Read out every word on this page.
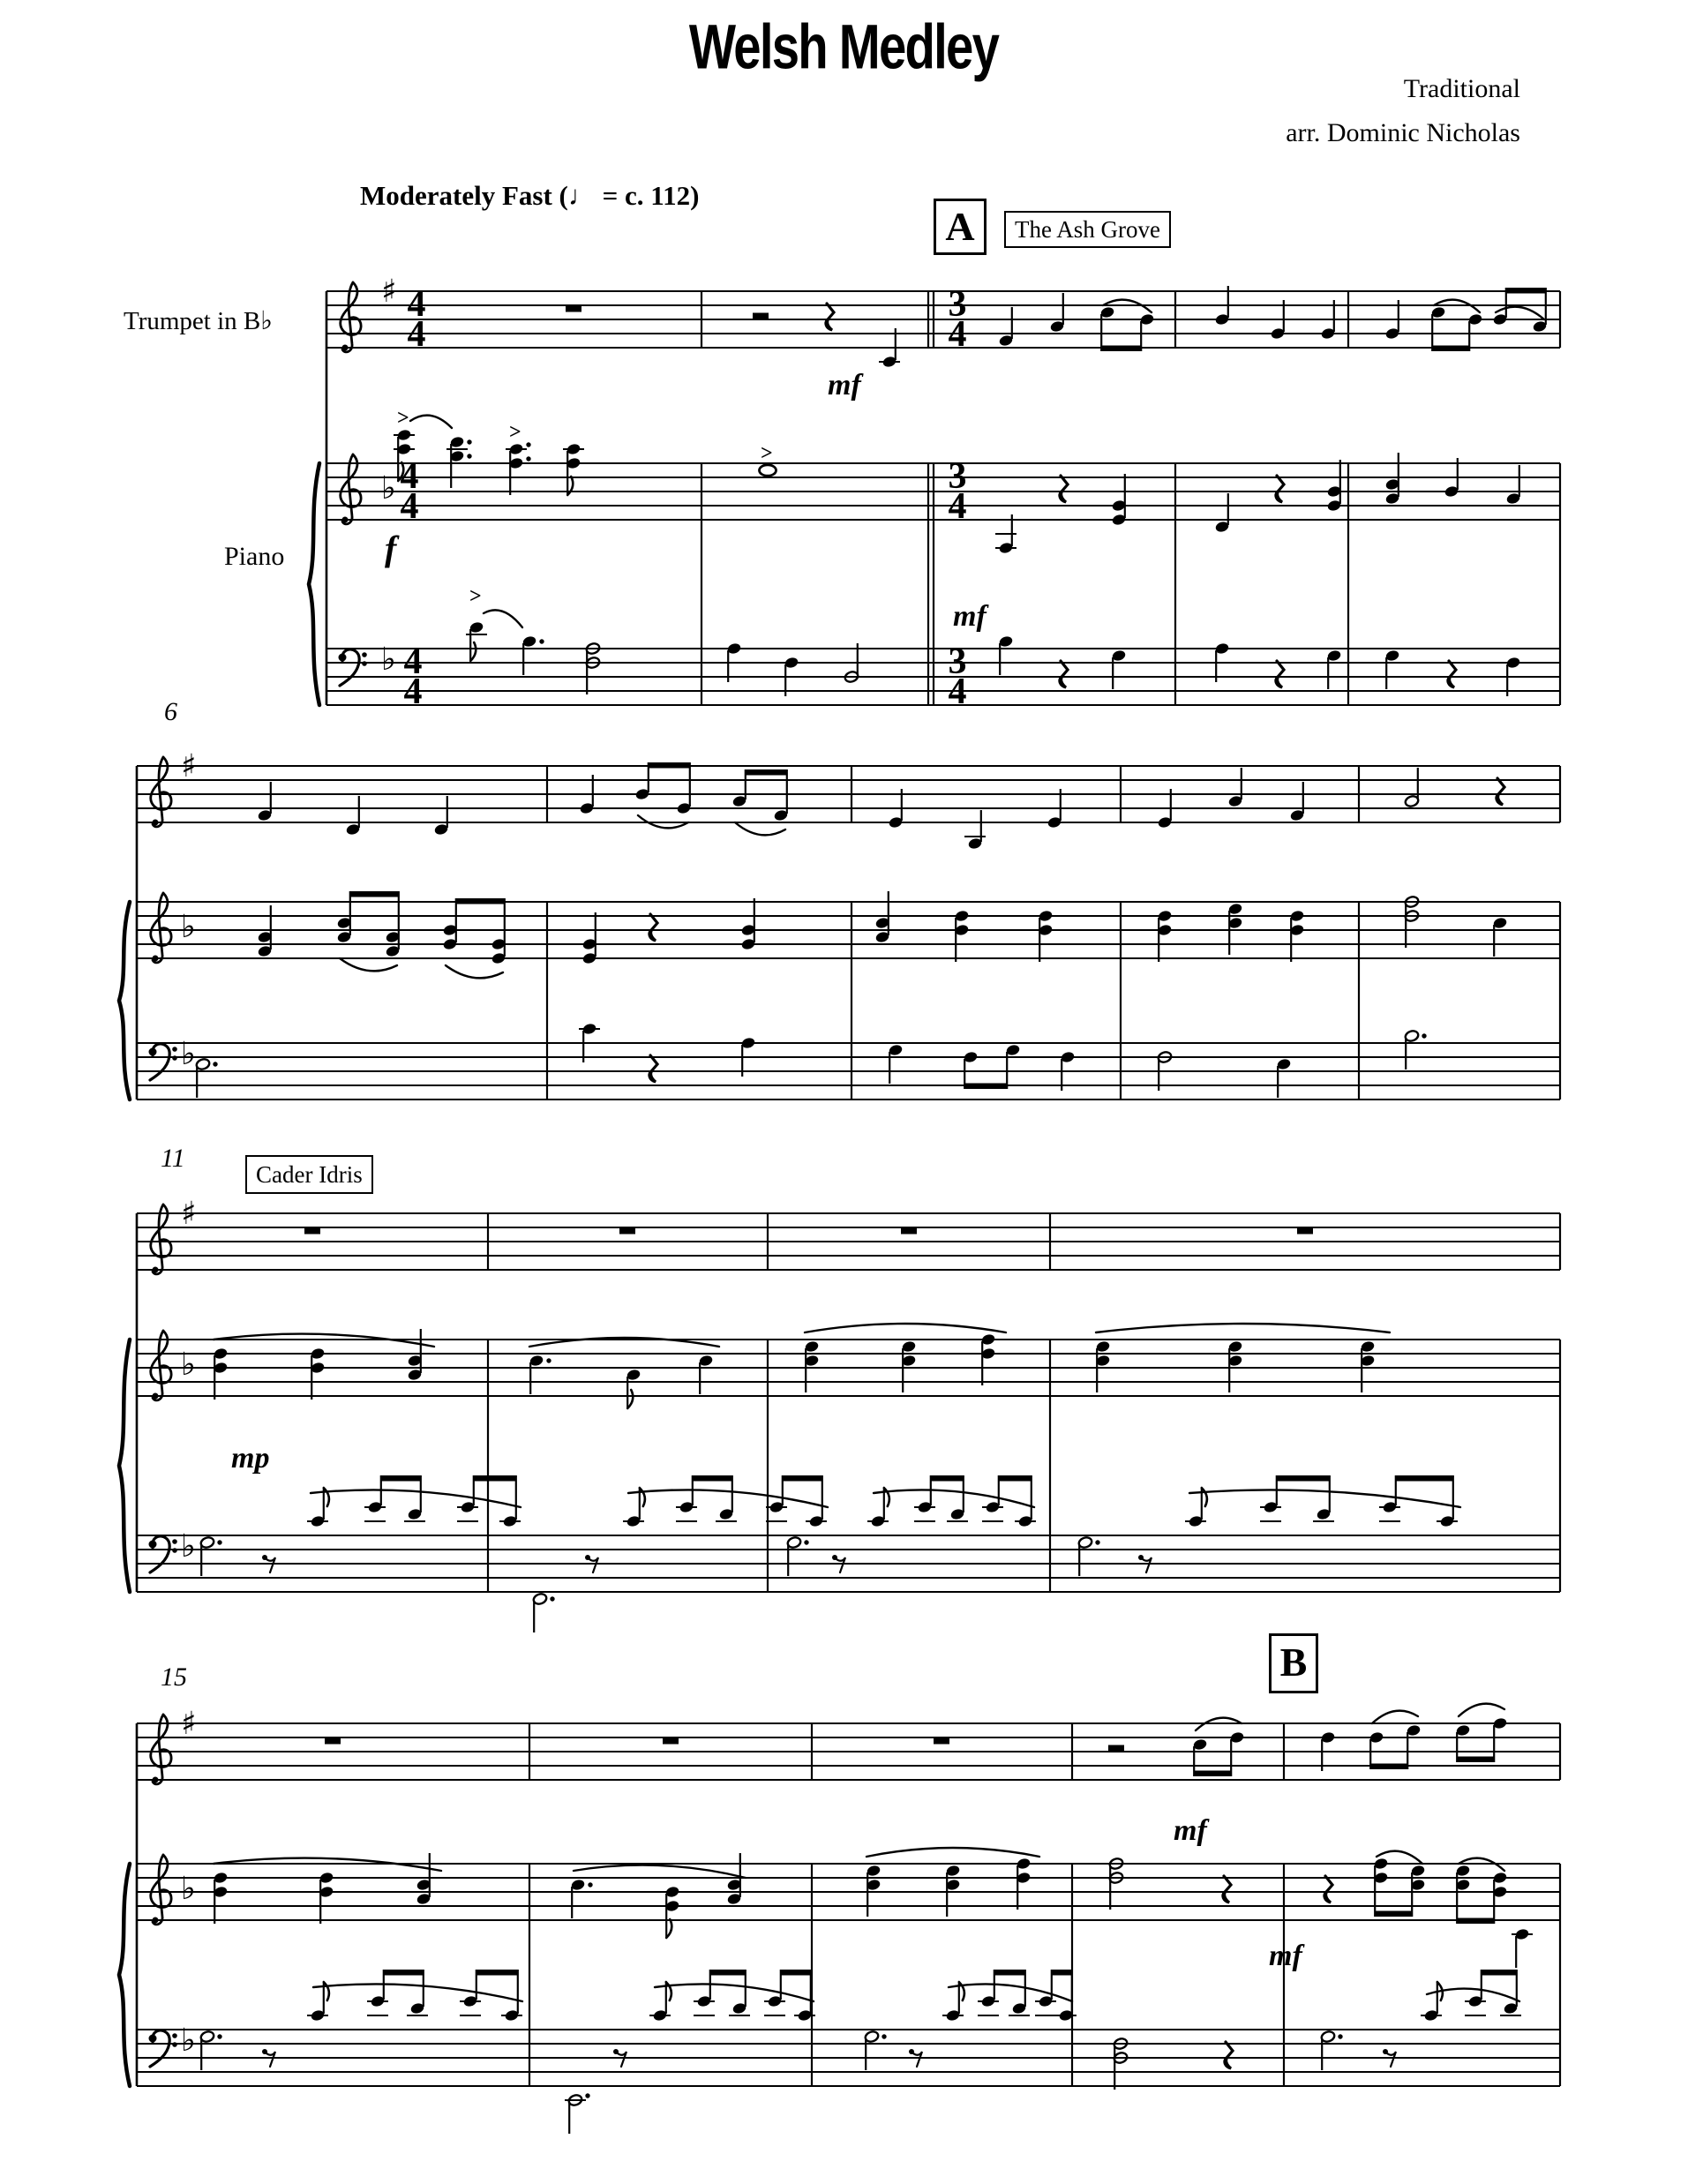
♯ 4
4
3
4
♭ 4
4
>
>
>
3
4
♭ 4
4
>
3
4
♯
♭
♭
♯
♭
♭
♯
♭
♭
Welsh Medley
Traditional
arr. Dominic Nicholas
Moderately Fast (♩ = c. 112)
A
B
The Ash Grove
Cader Idris
Trumpet in B♭
Piano
6
11
15
mf
f
mf
mp
mf
mf
